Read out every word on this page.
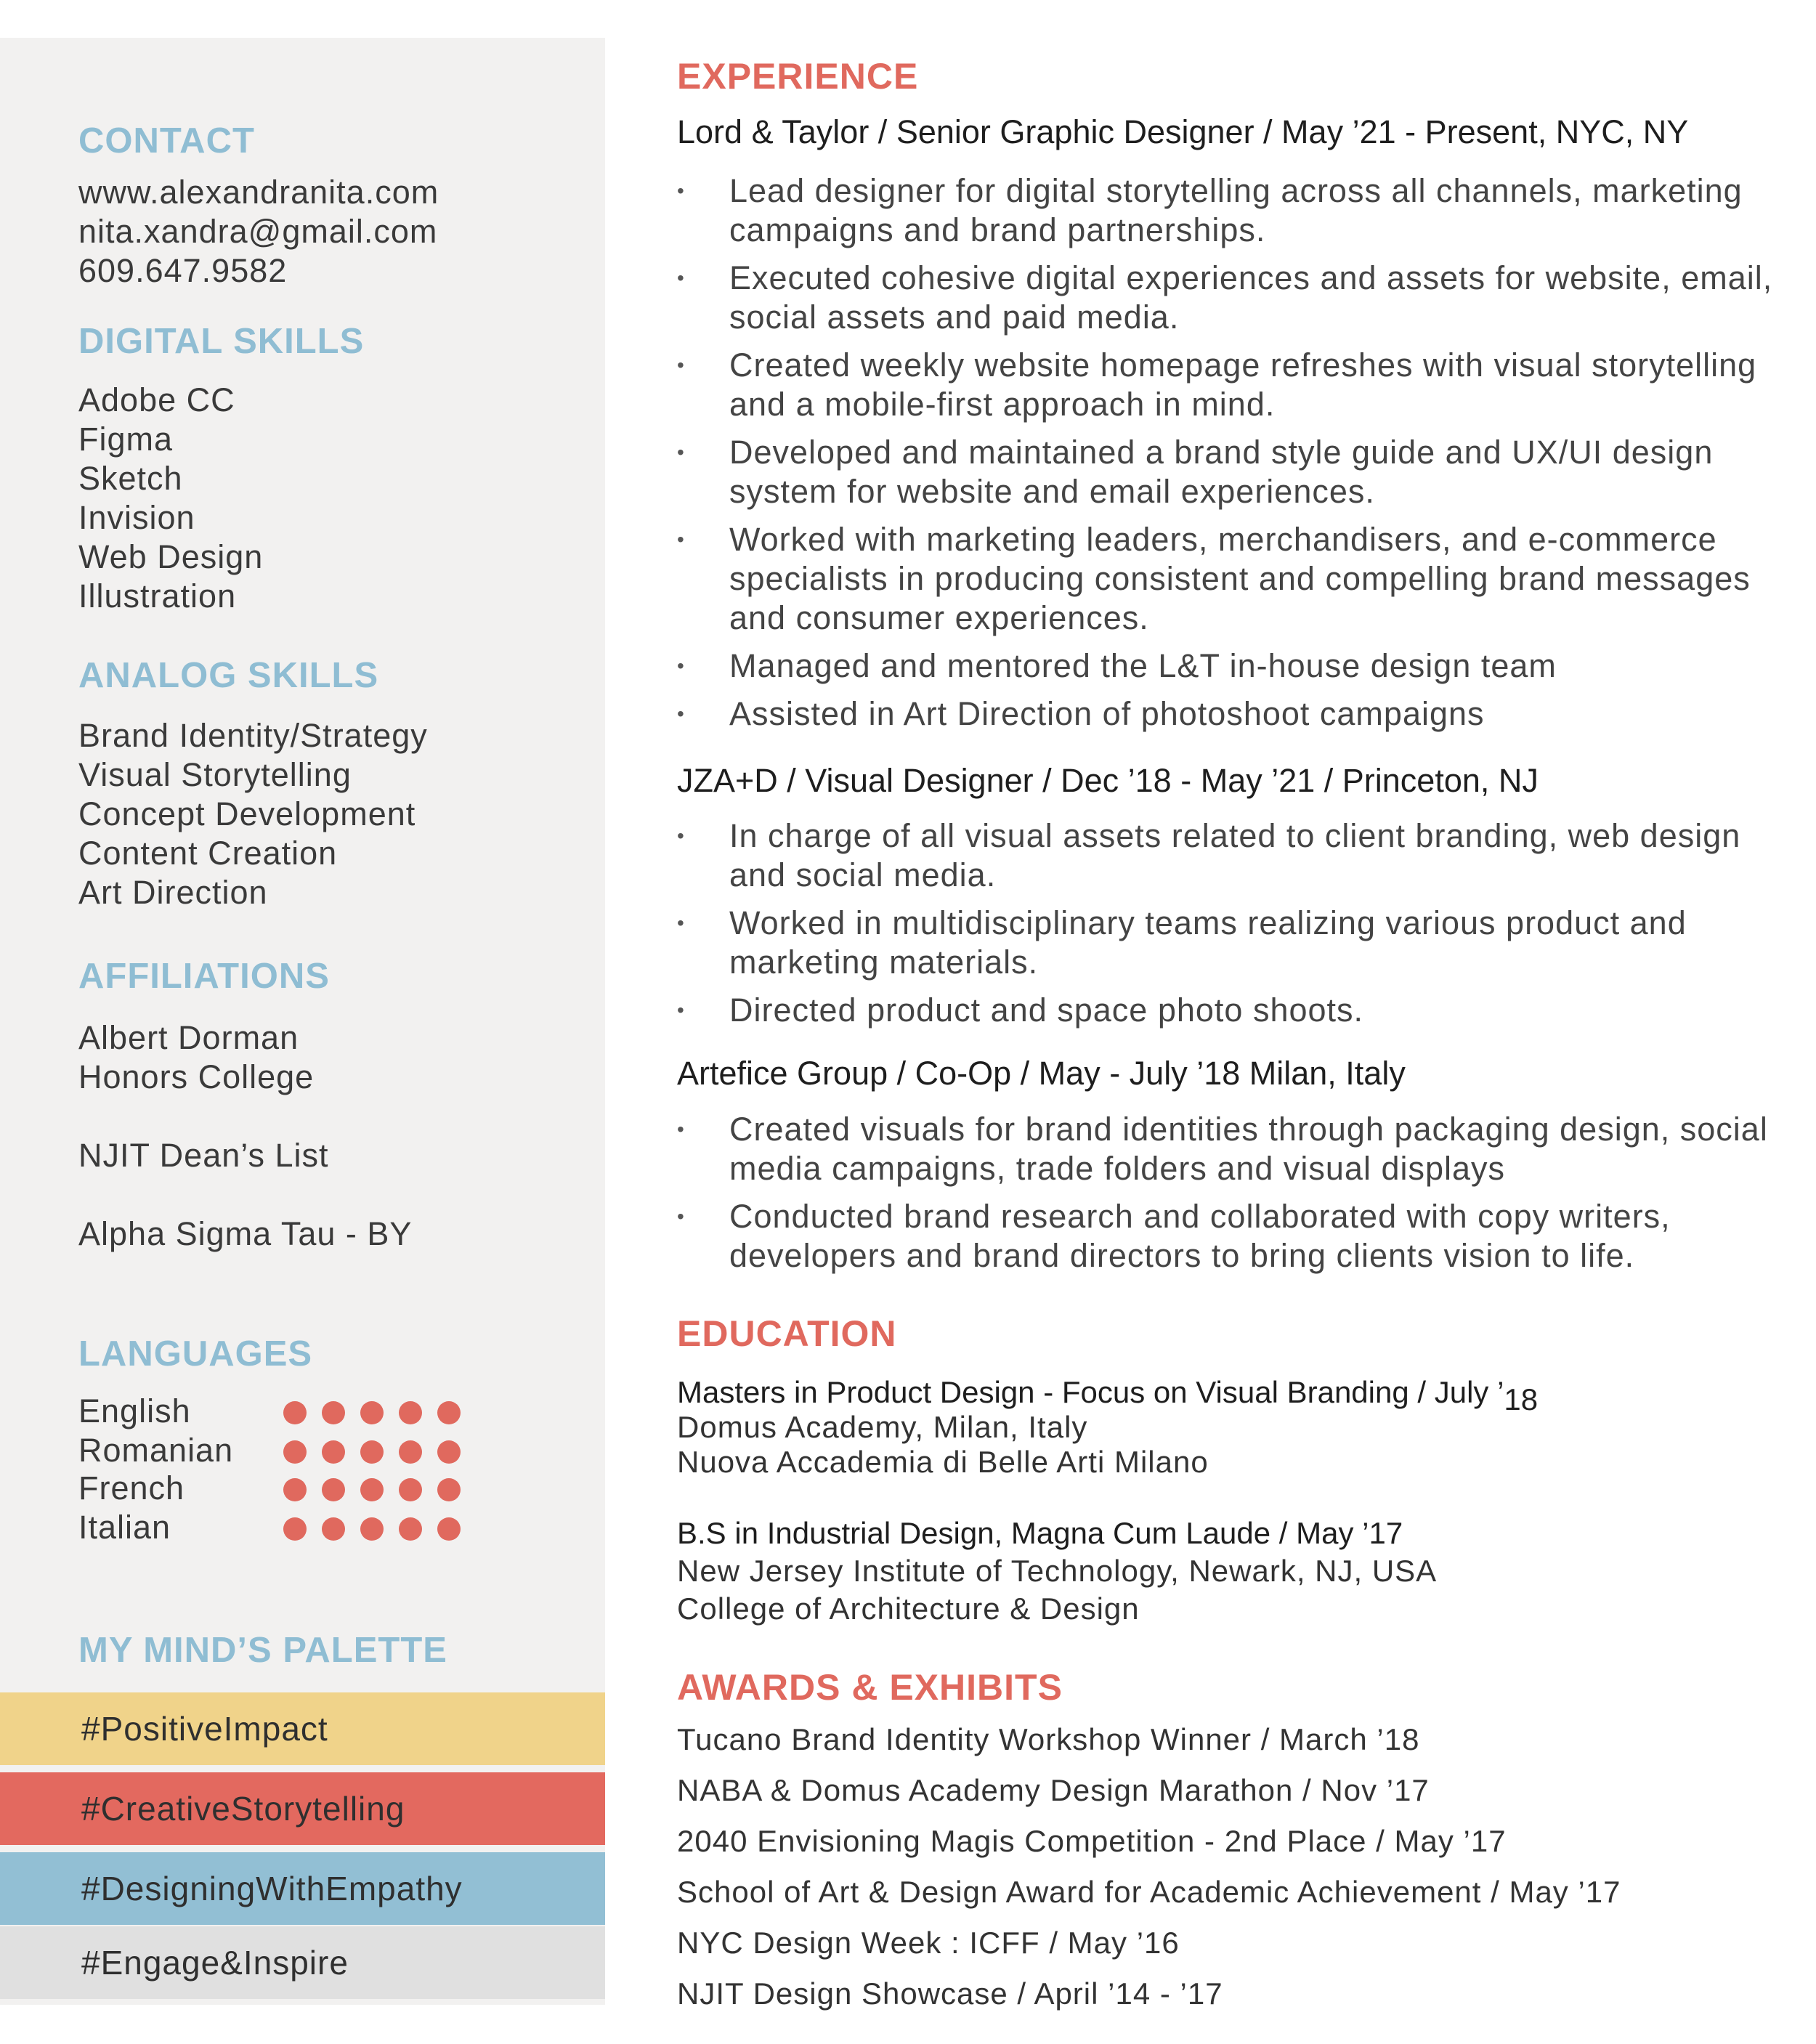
CONTACT
www.alexandranita.com
nita.xandra@gmail.com
609.647.9582
DIGITAL SKILLS
Adobe CC
Figma
Sketch
Invision
Web Design
Illustration
ANALOG SKILLS
Brand Identity/Strategy
Visual Storytelling
Concept Development
Content Creation
Art Direction
AFFILIATIONS
Albert Dorman
Honors College
NJIT Dean’s List
Alpha Sigma Tau - BY
LANGUAGES
English
Romanian
French
Italian
MY MIND’S PALETTE
#PositiveImpact
#CreativeStorytelling
#DesigningWithEmpathy
#Engage&Inspire
EXPERIENCE

Lord & Taylor / Senior Graphic Designer / May ’21 - Present, NYC, NY

• Lead designer for digital storytelling across all channels, marketing campaigns and brand partnerships.
• Executed cohesive digital experiences and assets for website, email, social assets and paid media.
• Created weekly website homepage refreshes with visual storytelling and a mobile-first approach in mind.
• Developed and maintained a brand style guide and UX/UI design system for website and email experiences.
• Worked with marketing leaders, merchandisers, and e-commerce specialists in producing consistent and compelling brand messages and consumer experiences.
• Managed and mentored the L&T in-house design team
• Assisted in Art Direction of photoshoot campaigns

JZA+D / Visual Designer / Dec ’18 - May ’21 / Princeton, NJ

• In charge of all visual assets related to client branding, web design and social media.
• Worked in multidisciplinary teams realizing various product and marketing materials.
• Directed product and space photo shoots.

Artefice Group / Co-Op / May - July ’18 Milan, Italy

• Created visuals for brand identities through packaging design, social media campaigns, trade folders and visual displays
• Conducted brand research and collaborated with copy writers, developers and brand directors to bring clients vision to life.
EDUCATION

Masters in Product Design - Focus on Visual Branding / July $’_{18}$

Domus Academy, Milan, Italy

Nuova Accademia di Belle Arti Milano

B.S in Industrial Design, Magna Cum Laude / May ’17

New Jersey Institute of Technology, Newark, NJ, USA

College of Architecture & Design

AWARDS & EXHIBITS
Tucano Brand Identity Workshop Winner / March ’18
NABA & Domus Academy Design Marathon / Nov ’17
2040 Envisioning Magis Competition - 2nd Place / May ’17
School of Art & Design Award for Academic Achievement / May ’17
NYC Design Week : ICFF / May ’16
NJIT Design Showcase / April ’14 - ’17
